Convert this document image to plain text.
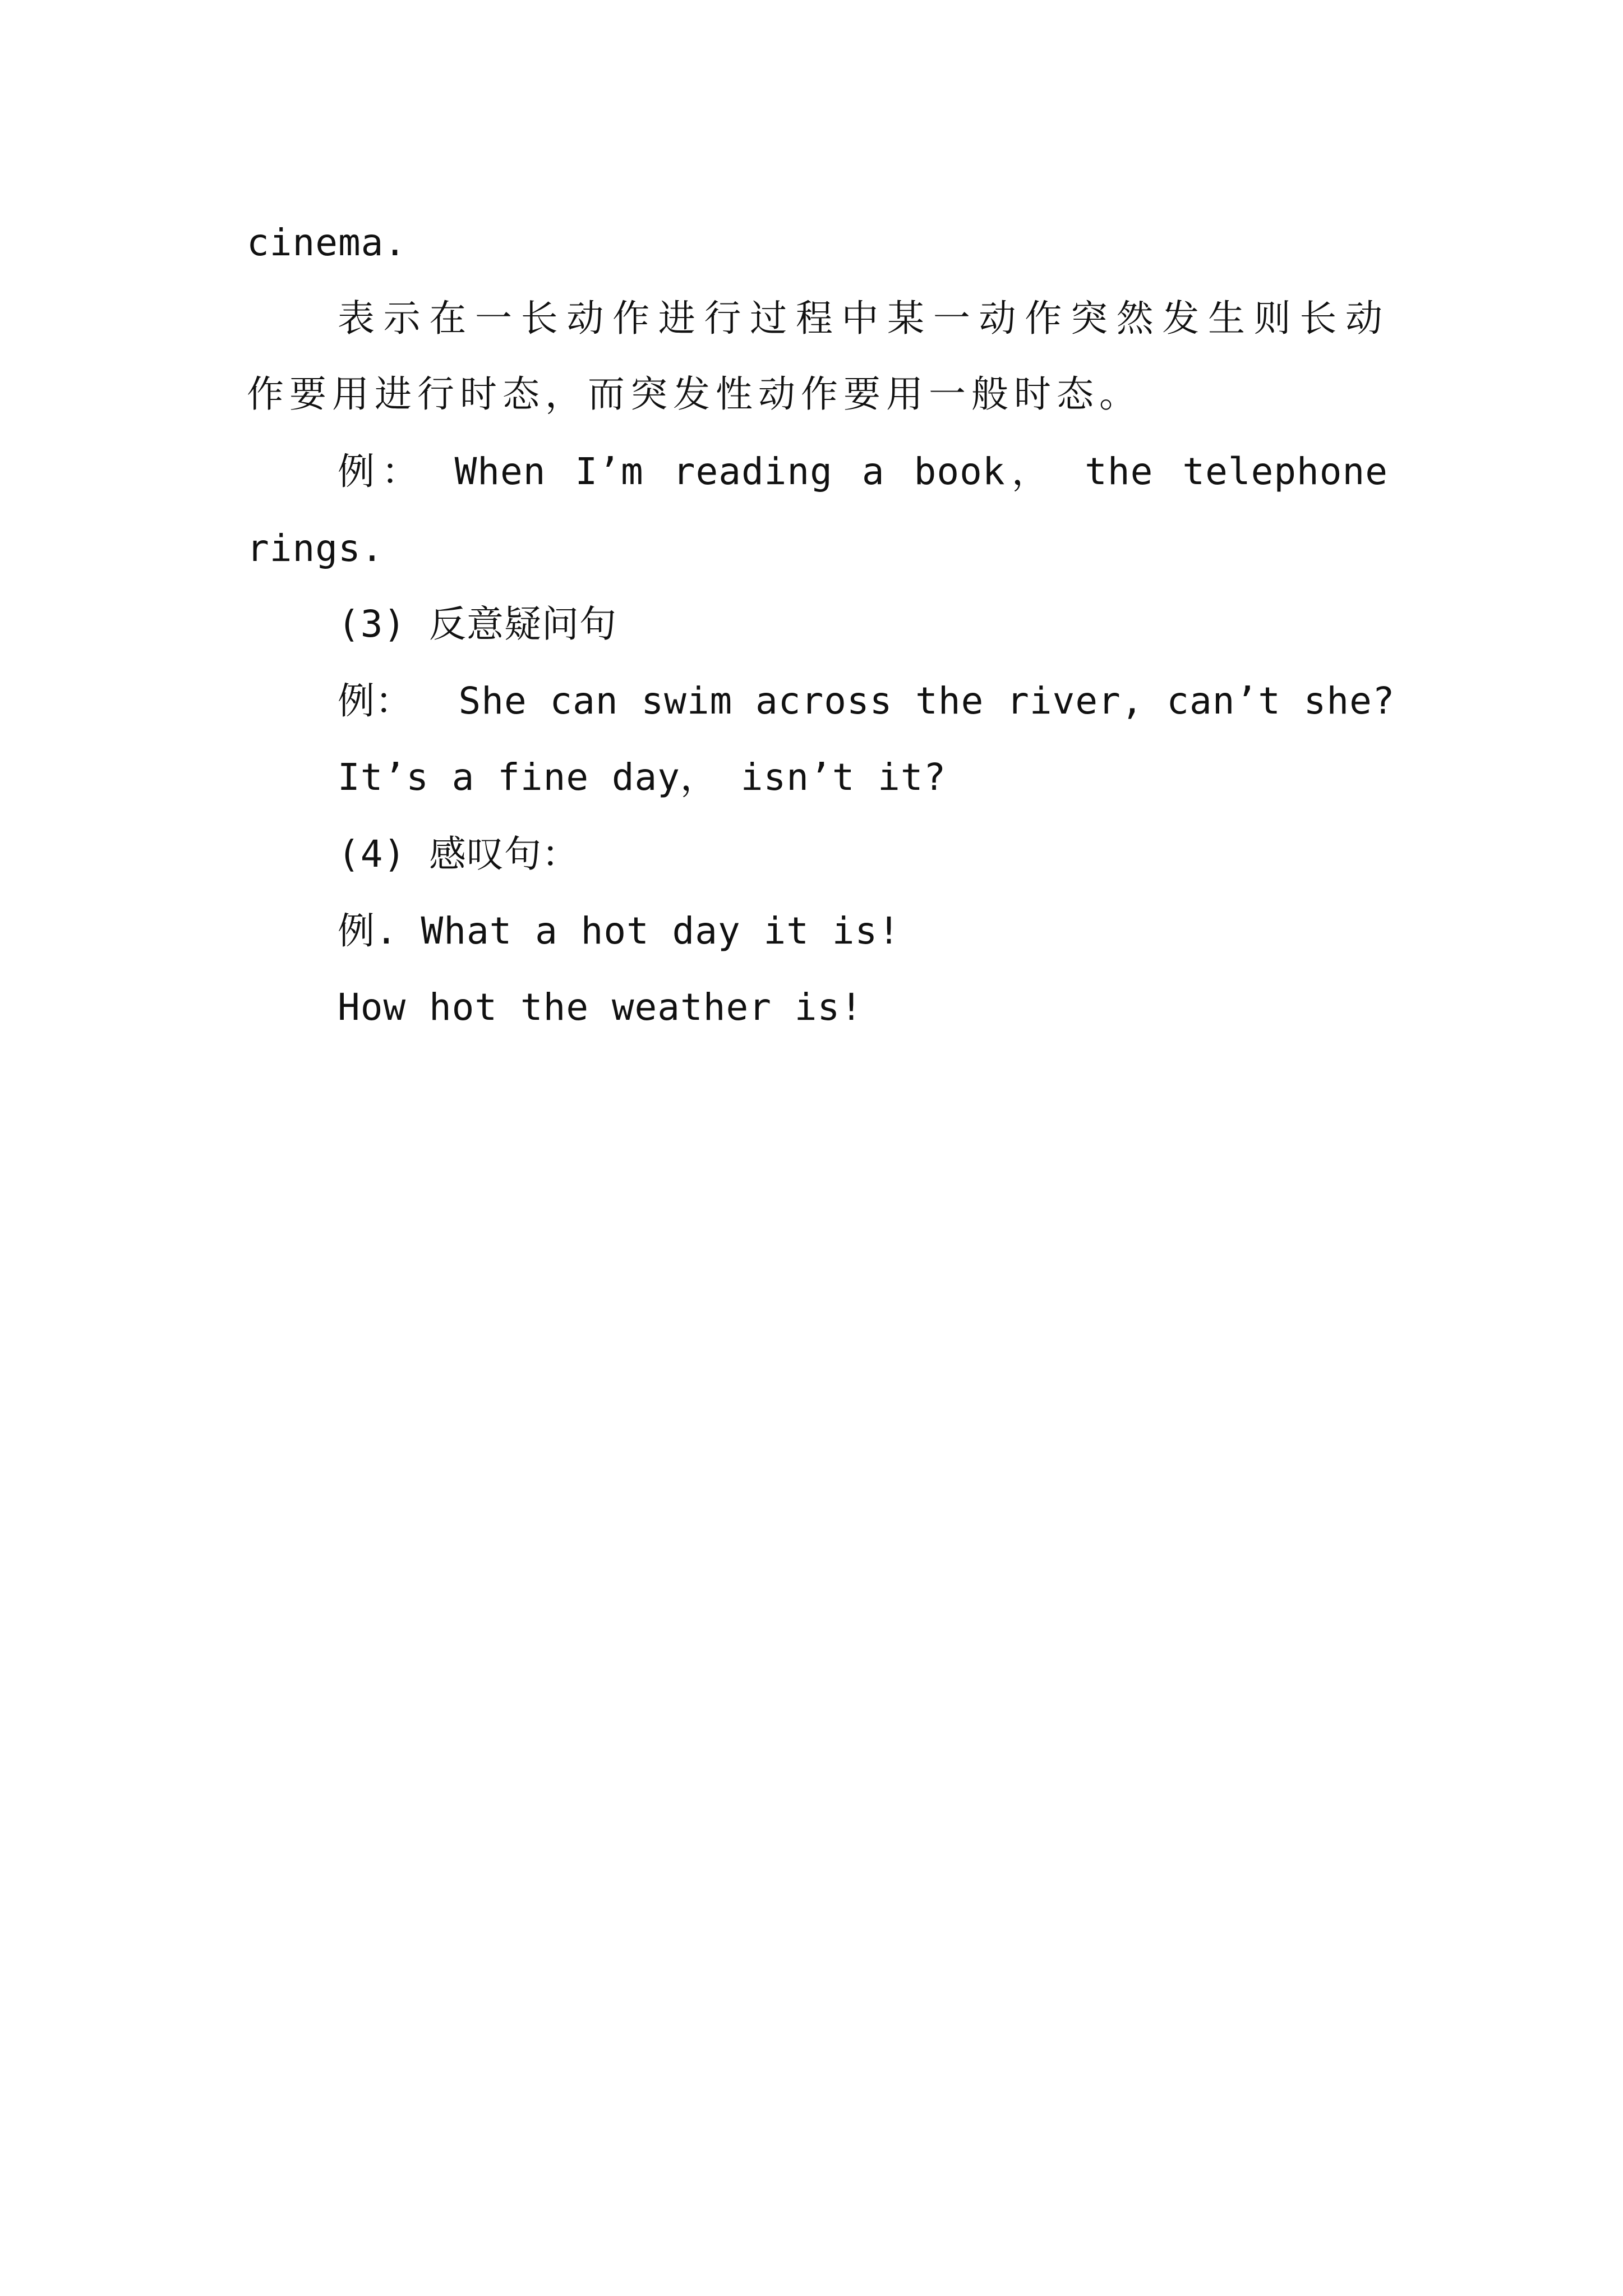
cinema.
表示在一长动作进行过程中某一动作突然发生则长动
作要用进行时态，而突发性动作要用一般时态。
例： When I’m reading a book， the telephone
rings.
(3) 反意疑问句
例：  She can swim across the river, can’t she?
It’s a fine day， isn’t it?
(4) 感叹句：
例. What a hot day it is!
How hot the weather is!
